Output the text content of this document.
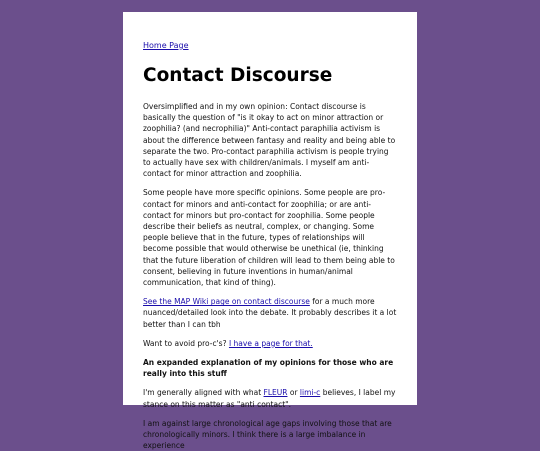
Home Page
Contact Discourse

Oversimplified and in my own opinion: Contact discourse is basically the question of "is it okay to act on minor attraction or zoophilia? (and necrophilia)" Anti-contact paraphilia activism is about the difference between fantasy and reality and being able to separate the two. Pro-contact paraphilia activism is people trying to actually have sex with children/animals. I myself am anti-contact for minor attraction and zoophilia.

Some people have more specific opinions. Some people are pro-contact for minors and anti-contact for zoophilia; or are anti-contact for minors but pro-contact for zoophilia. Some people describe their beliefs as neutral, complex, or changing. Some people believe that in the future, types of relationships will become possible that would otherwise be unethical (ie, thinking that the future liberation of children will lead to them being able to consent, believing in future inventions in human/animal communication, that kind of thing).

See the MAP Wiki page on contact discourse for a much more nuanced/detailed look into the debate. It probably describes it a lot better than I can tbh

Want to avoid pro-c's? I have a page for that.

An expanded explanation of my opinions for those who are really into this stuff

I'm generally aligned with what FLEUR or limi-c believes, I label my stance on this matter as "anti contact".

I am against large chronological age gaps involving those that are chronologically minors. I think there is a large imbalance in experience
